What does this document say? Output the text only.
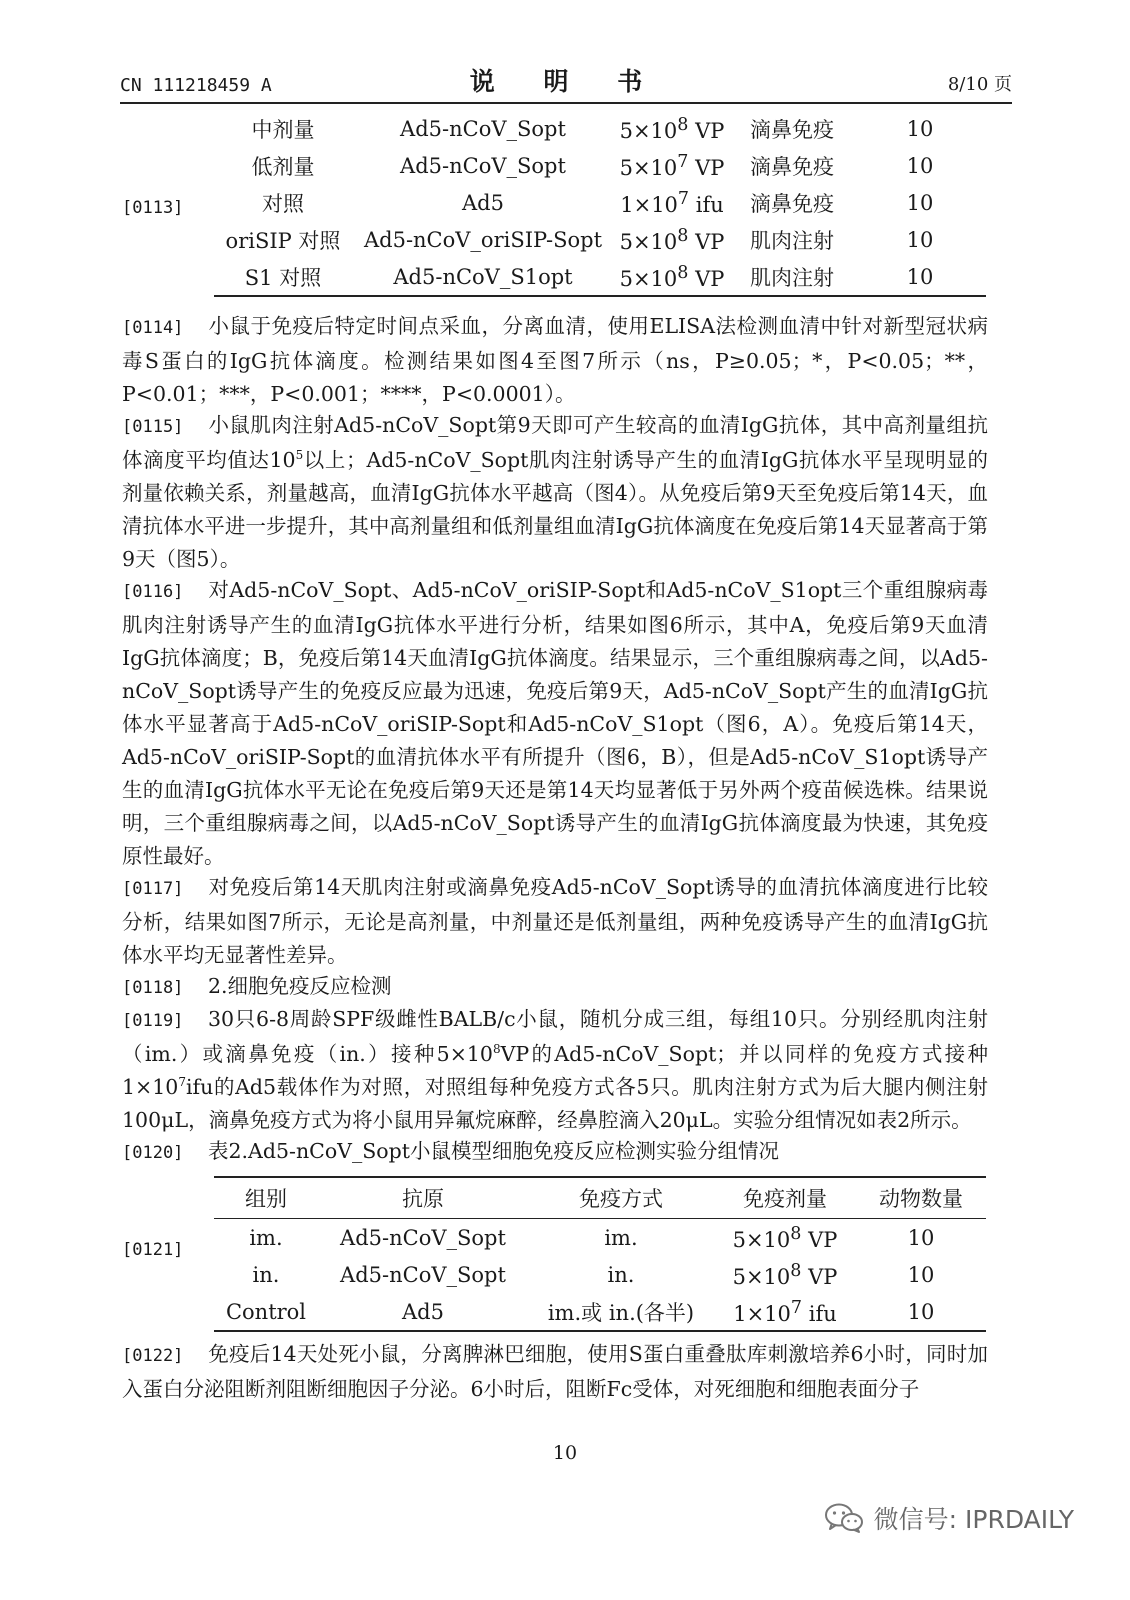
CN 111218459 A	说 明 书	8/10 页
[0113]
中剂量	Ad5-nCoV_Sopt	$5\times 10^8$ VP	滴鼻免疫	10
低剂量	Ad5-nCoV_Sopt	$5\times 10^7$ VP	滴鼻免疫	10
对照	Ad5	$1\times 10^7$ ifu	滴鼻免疫	10
oriSIP 对照	Ad5-nCoV_oriSIP-Sopt	$5\times 10^8$ VP	肌肉注射	10
S1 对照	Ad5-nCoV_S1opt	$5\times 10^8$ VP	肌肉注射	10
[0114] 小鼠于免疫后特定时间点采血，分离血清，使用ELISA法检测血清中针对新型冠状病毒S蛋白的IgG抗体滴度。检测结果如图4至图7所示（ns，P≥0.05；*，P<0.05；**，P<0.01；***，P<0.001；****，P<0.0001）。
[0115] 小鼠肌肉注射Ad5-nCoV_Sopt第9天即可产生较高的血清IgG抗体，其中高剂量组抗体滴度平均值达$10^5$以上；Ad5-nCoV_Sopt肌肉注射诱导产生的血清IgG抗体水平呈现明显的剂量依赖关系，剂量越高，血清IgG抗体水平越高（图4）。从免疫后第9天至免疫后第14天，血清抗体水平进一步提升，其中高剂量组和低剂量组血清IgG抗体滴度在免疫后第14天显著高于第9天（图5）。
[0116] 对Ad5-nCoV_Sopt、Ad5-nCoV_oriSIP-Sopt和Ad5-nCoV_S1opt三个重组腺病毒肌肉注射诱导产生的血清IgG抗体水平进行分析，结果如图6所示，其中A，免疫后第9天血清IgG抗体滴度；B，免疫后第14天血清IgG抗体滴度。结果显示，三个重组腺病毒之间，以Ad5-nCoV_Sopt诱导产生的免疫反应最为迅速，免疫后第9天，Ad5-nCoV_Sopt产生的血清IgG抗体水平显著高于Ad5-nCoV_oriSIP-Sopt和Ad5-nCoV_S1opt（图6，A）。免疫后第14天，Ad5-nCoV_oriSIP-Sopt的血清抗体水平有所提升（图6，B），但是Ad5-nCoV_S1opt诱导产生的血清IgG抗体水平无论在免疫后第9天还是第14天均显著低于另外两个疫苗候选株。结果说明，三个重组腺病毒之间，以Ad5-nCoV_Sopt诱导产生的血清IgG抗体滴度最为快速，其免疫原性最好。
[0117] 对免疫后第14天肌肉注射或滴鼻免疫Ad5-nCoV_Sopt诱导的血清抗体滴度进行比较分析，结果如图7所示，无论是高剂量，中剂量还是低剂量组，两种免疫诱导产生的血清IgG抗体水平均无显著性差异。
[0118] 2.细胞免疫反应检测
[0119] 30只6-8周龄SPF级雌性BALB/c小鼠，随机分成三组，每组10只。分别经肌肉注射（im.）或滴鼻免疫（in.）接种$5\times 10^8VP$的Ad5-nCoV_Sopt；并以同样的免疫方式接种$1\times 10^7ifu$的Ad5载体作为对照，对照组每种免疫方式各5只。肌肉注射方式为后大腿内侧注射100μL，滴鼻免疫方式为将小鼠用异氟烷麻醉，经鼻腔滴入20μL。实验分组情况如表2所示。
[0120] 表2.Ad5-nCoV_Sopt小鼠模型细胞免疫反应检测实验分组情况
[0121]
组别	抗原	免疫方式	免疫剂量	动物数量
im.	Ad5-nCoV_Sopt	im.	$5\times 10^8$ VP	10
in.	Ad5-nCoV_Sopt	in.	$5\times 10^8$ VP	10
Control	Ad5	im.或 in.(各半)	$1\times 10^7$ ifu	10
[0122] 免疫后14天处死小鼠，分离脾淋巴细胞，使用S蛋白重叠肽库刺激培养6小时，同时加入蛋白分泌阻断剂阻断细胞因子分泌。6小时后，阻断Fc受体，对死细胞和细胞表面分子
10
微信号: IPRDAILY
